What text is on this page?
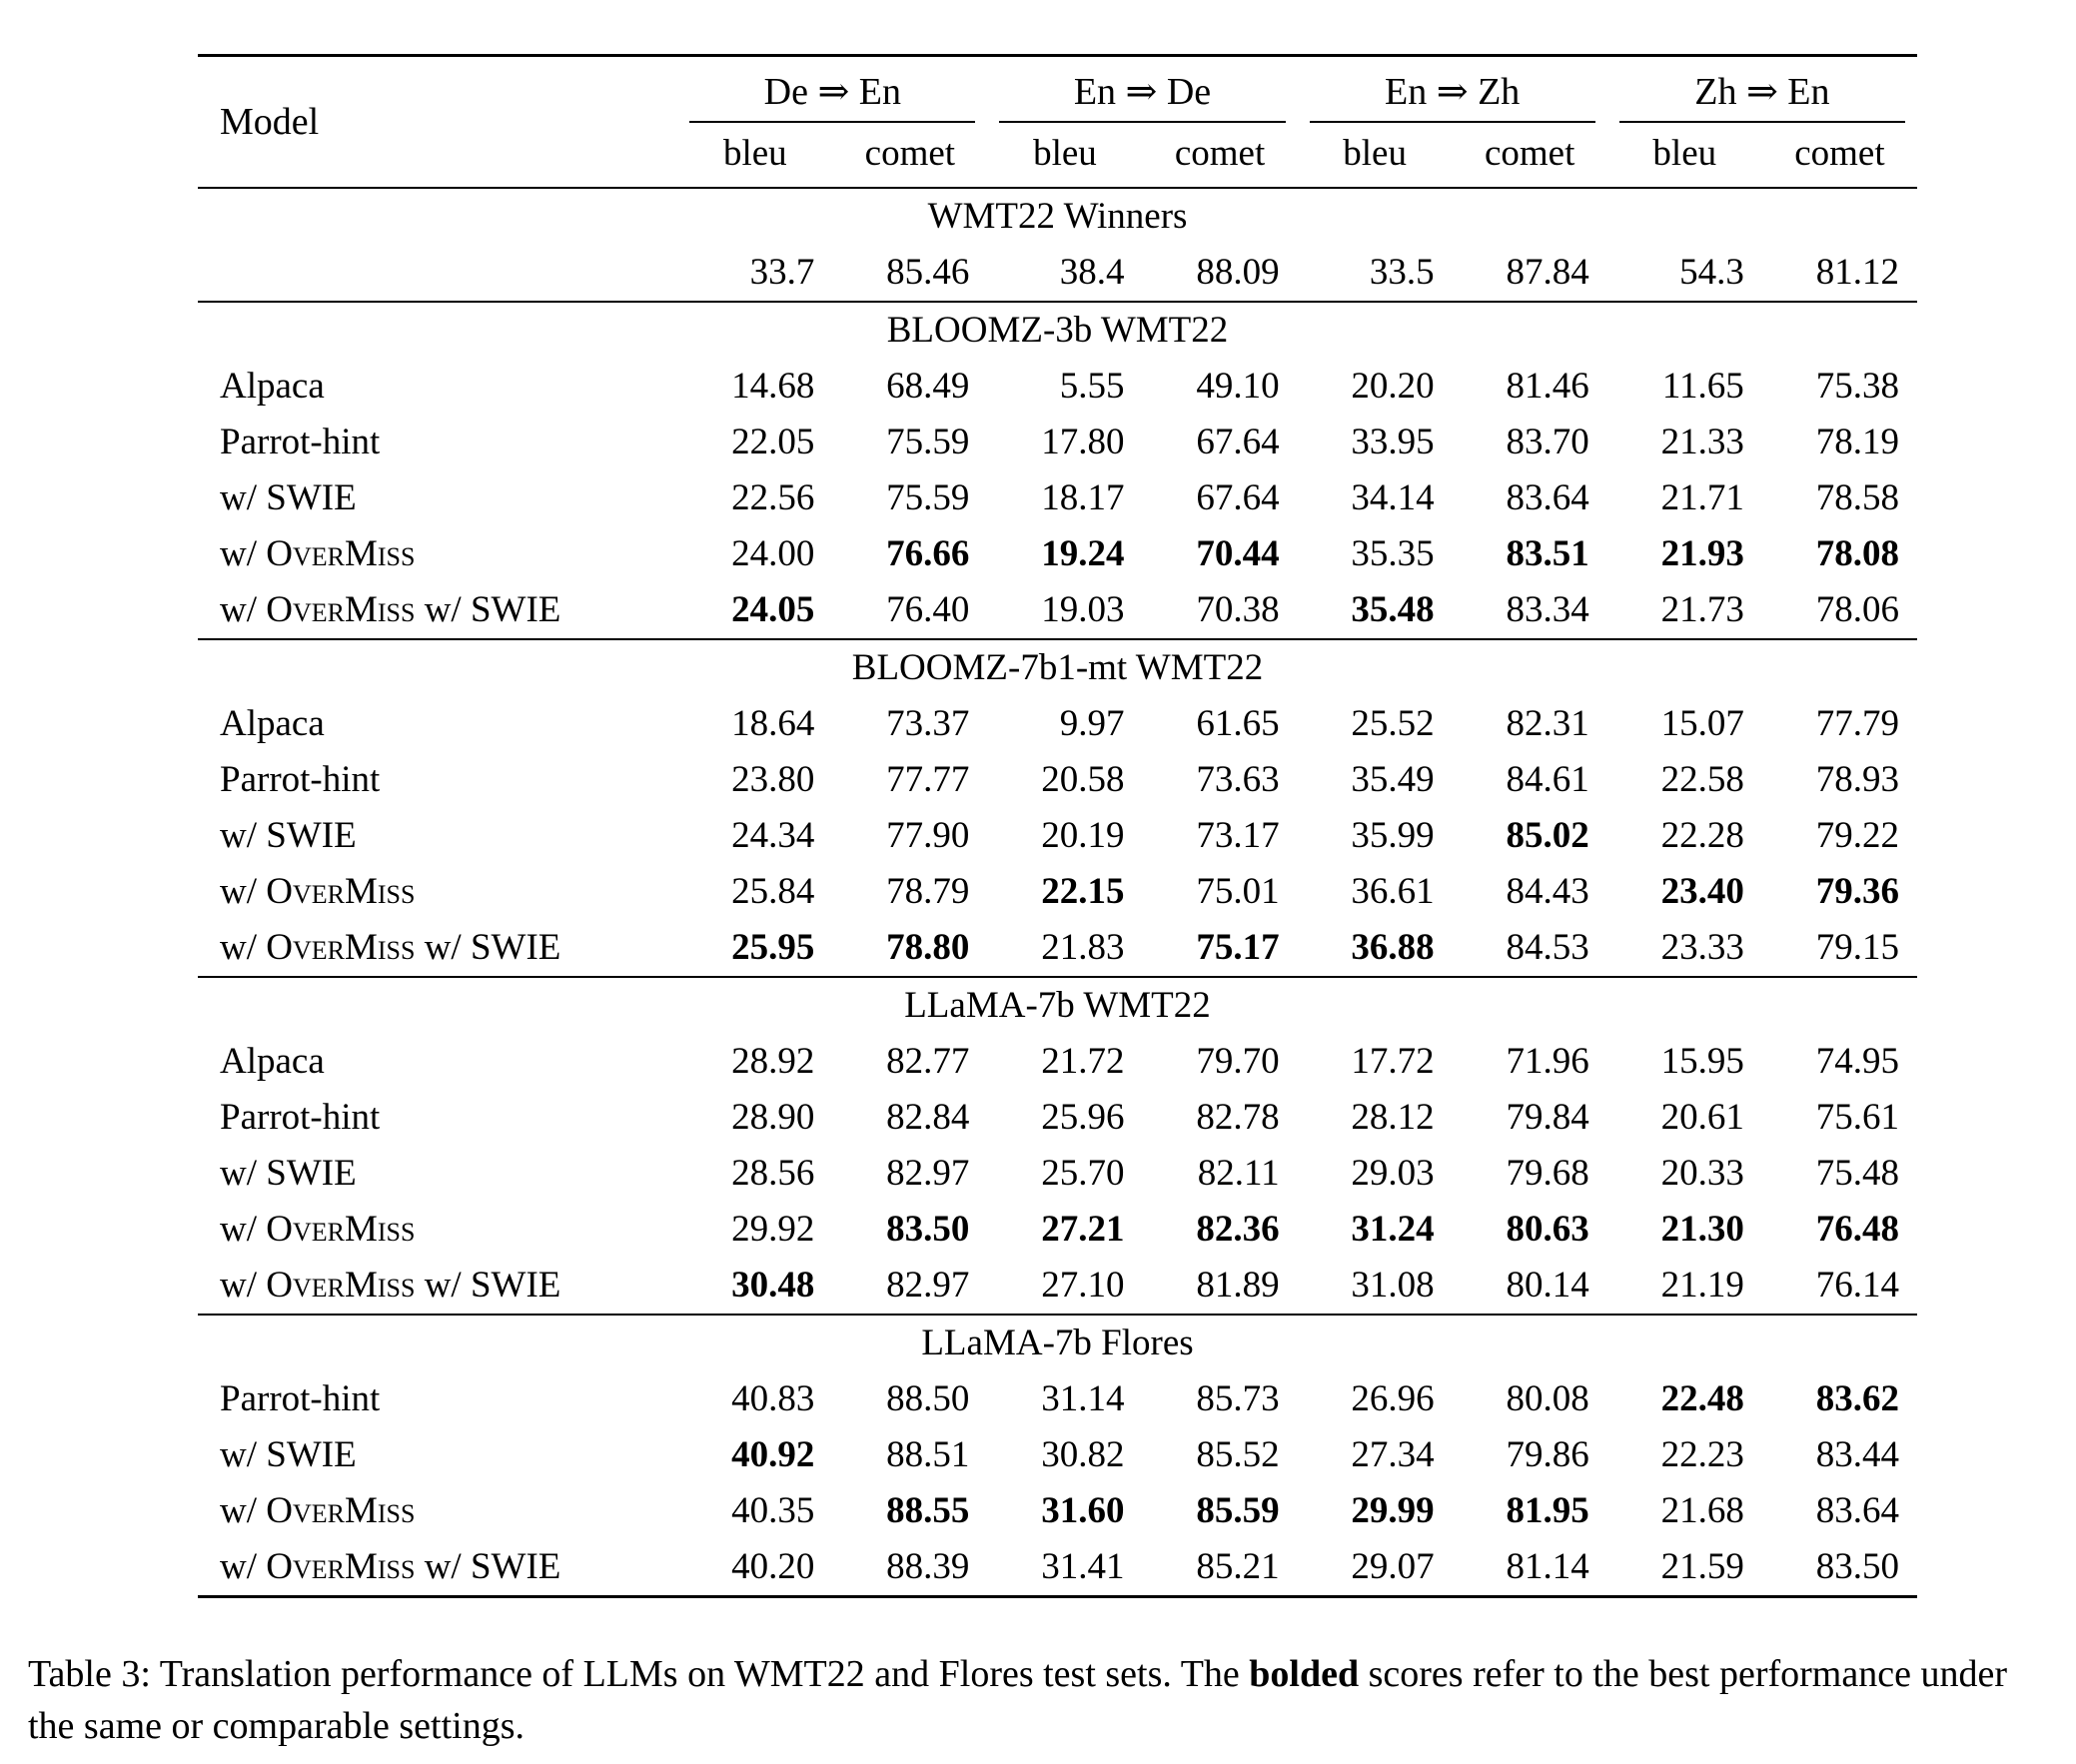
Model	De ⇒ En		En ⇒ De		En ⇒ Zh		Zh ⇒ En	

	bleu	comet	bleu	comet	bleu	comet	bleu	comet
WMT22 Winners								
	33.7	85.46	38.4	88.09	33.5	87.84	54.3	81.12
BLOOMZ-3b WMT22								
Alpaca	14.68	68.49	5.55	49.10	20.20	81.46	11.65	75.38
Parrot-hint	22.05	75.59	17.80	67.64	33.95	83.70	21.33	78.19
w/ SWIE	22.56	75.59	18.17	67.64	34.14	83.64	21.71	78.58
w/ OverMiss	24.00	76.66	19.24	70.44	35.35	83.51	21.93	78.08
w/ OverMiss w/ SWIE	24.05	76.40	19.03	70.38	35.48	83.34	21.73	78.06
BLOOMZ-7b1-mt WMT22								
Alpaca	18.64	73.37	9.97	61.65	25.52	82.31	15.07	77.79
Parrot-hint	23.80	77.77	20.58	73.63	35.49	84.61	22.58	78.93
w/ SWIE	24.34	77.90	20.19	73.17	35.99	85.02	22.28	79.22
w/ OverMiss	25.84	78.79	22.15	75.01	36.61	84.43	23.40	79.36
w/ OverMiss w/ SWIE	25.95	78.80	21.83	75.17	36.88	84.53	23.33	79.15
LLaMA-7b WMT22								
Alpaca	28.92	82.77	21.72	79.70	17.72	71.96	15.95	74.95
Parrot-hint	28.90	82.84	25.96	82.78	28.12	79.84	20.61	75.61
w/ SWIE	28.56	82.97	25.70	82.11	29.03	79.68	20.33	75.48
w/ OverMiss	29.92	83.50	27.21	82.36	31.24	80.63	21.30	76.48
w/ OverMiss w/ SWIE	30.48	82.97	27.10	81.89	31.08	80.14	21.19	76.14
LLaMA-7b Flores								
Parrot-hint	40.83	88.50	31.14	85.73	26.96	80.08	22.48	83.62
w/ SWIE	40.92	88.51	30.82	85.52	27.34	79.86	22.23	83.44
w/ OverMiss	40.35	88.55	31.60	85.59	29.99	81.95	21.68	83.64
w/ OverMiss w/ SWIE	40.20	88.39	31.41	85.21	29.07	81.14	21.59	83.50

Table 3: Translation performance of LLMs on WMT22 and Flores test sets. The bolded scores refer to the best performance under the same or comparable settings.
